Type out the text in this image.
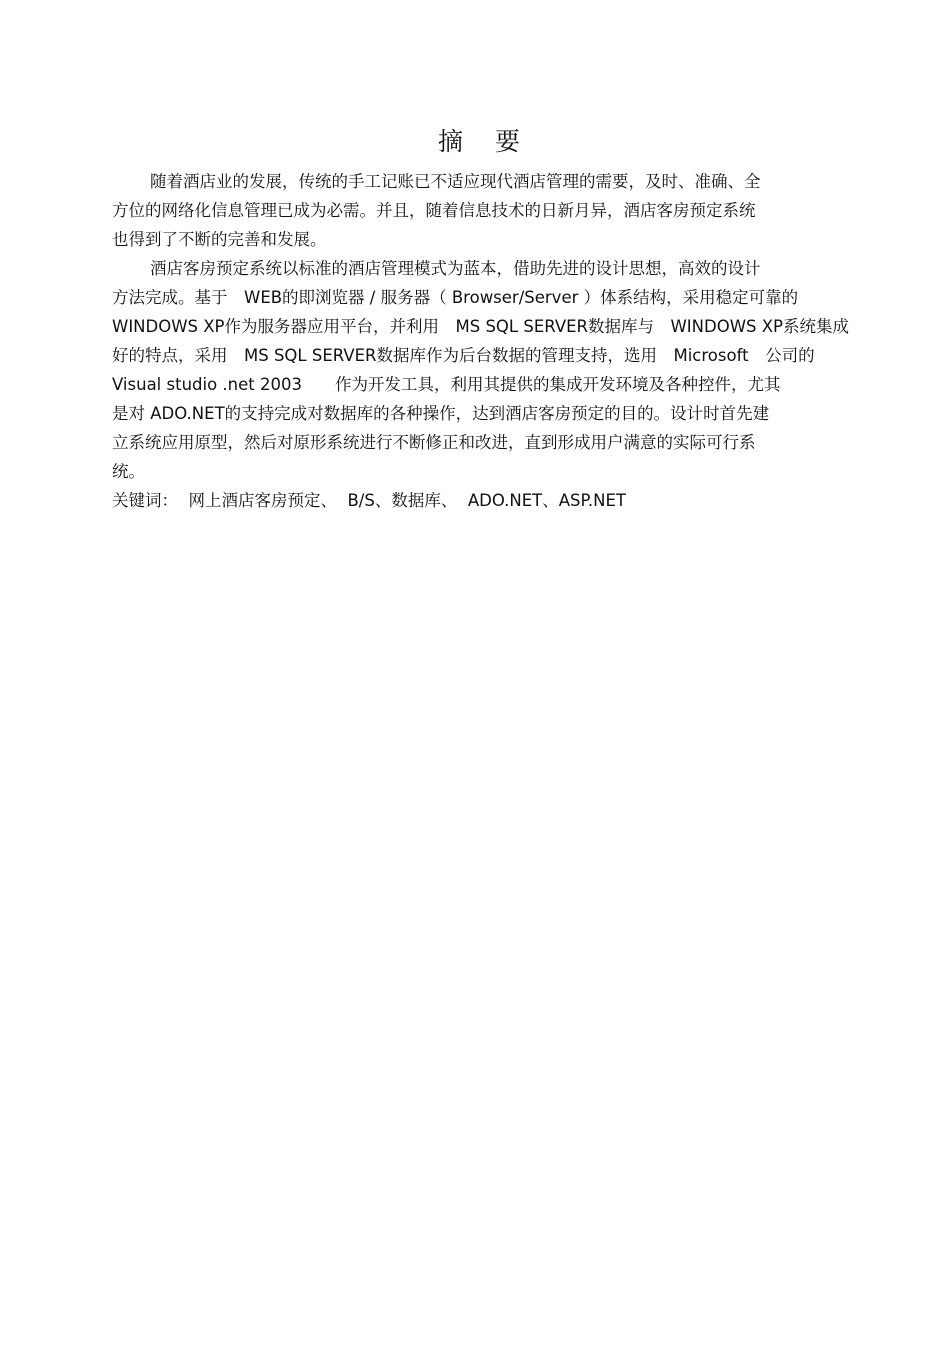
摘 要
随着酒店业的发展，传统的手工记账已不适应现代酒店管理的需要，及时、准确、全
方位的网络化信息管理已成为必需。并且，随着信息技术的日新月异，酒店客房预定系统
也得到了不断的完善和发展。
酒店客房预定系统以标准的酒店管理模式为蓝本，借助先进的设计思想，高效的设计
方法完成。基于　WEB的即浏览器 / 服务器（ Browser/Server ）体系结构，采用稳定可靠的
WINDOWS XP作为服务器应用平台，并利用　MS SQL SERVER数据库与　WINDOWS XP系统集成
好的特点，采用　MS SQL SERVER数据库作为后台数据的管理支持，选用　Microsoft　公司的
Visual studio .net 2003　　作为开发工具，利用其提供的集成开发环境及各种控件，尤其
是对 ADO.NET的支持完成对数据库的各种操作，达到酒店客房预定的目的。设计时首先建
立系统应用原型，然后对原形系统进行不断修正和改进，直到形成用户满意的实际可行系
统。
关键词：  网上酒店客房预定、  B/S、数据库、  ADO.NET、ASP.NET
